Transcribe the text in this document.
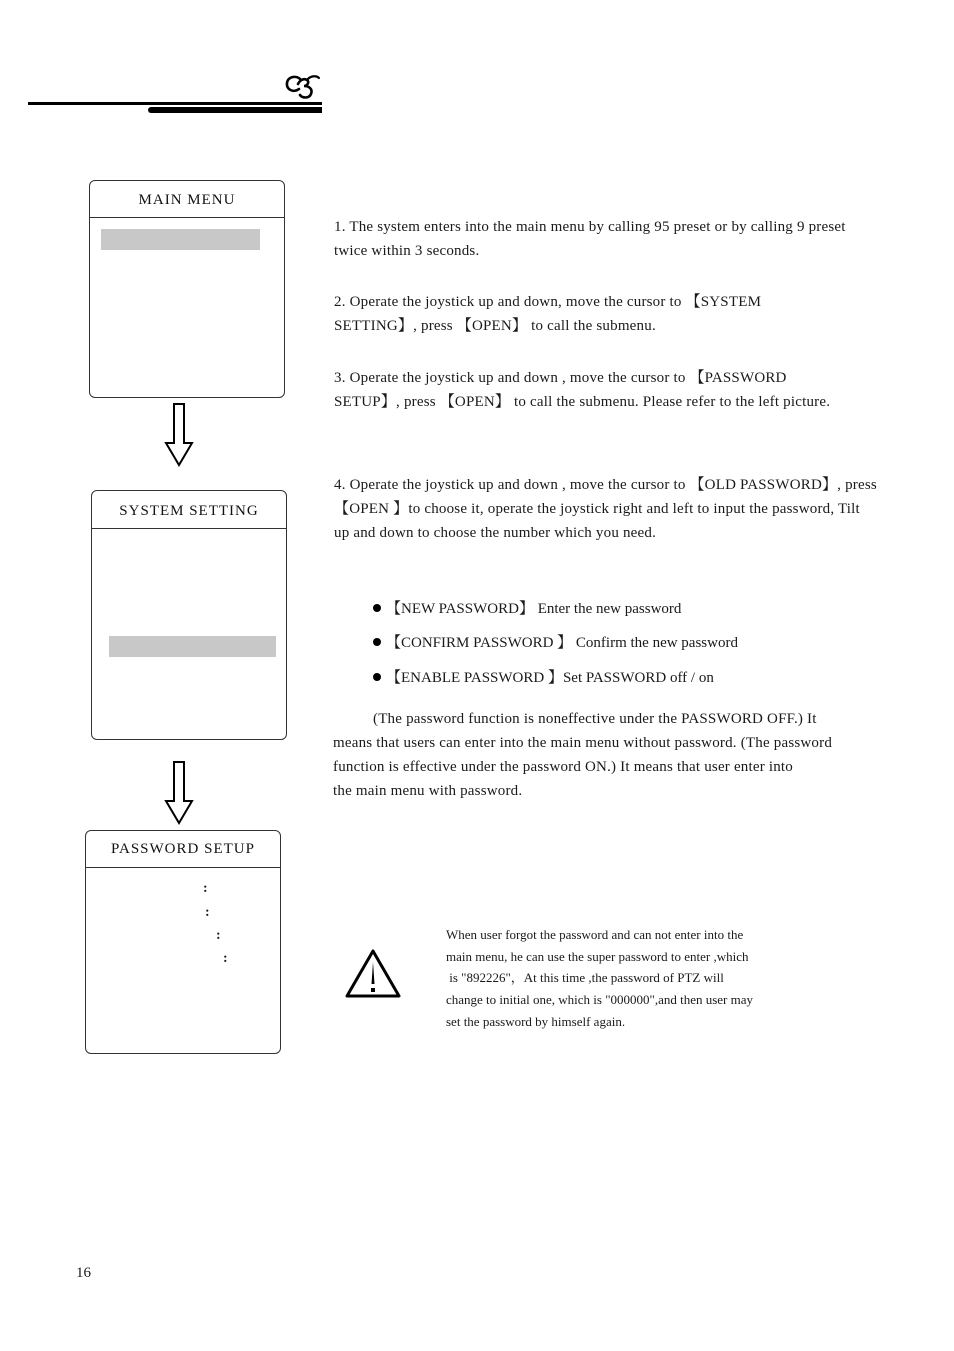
MAIN MENU
SYSTEM SETTING
PASSWORD SETUP
:
:
:
:
1. The system enters into the main menu by calling 95 preset or by calling 9 preset twice within 3 seconds.
2. Operate the joystick up and down, move the cursor to 【SYSTEM SETTING】, press 【OPEN】 to call the submenu.
3. Operate the joystick up and down , move the cursor to 【PASSWORD SETUP】, press 【OPEN】 to call the submenu. Please refer to the left picture.
4. Operate the joystick up and down , move the cursor to 【OLD PASSWORD】, press 【OPEN 】to choose it, operate the joystick right and left to input the password, Tilt up and down to choose the number which you need.
【NEW PASSWORD】 Enter the new password
【CONFIRM PASSWORD 】 Confirm the new password
【ENABLE PASSWORD 】Set PASSWORD off / on
(The password function is noneffective under the PASSWORD OFF.) It
means that users can enter into the main menu without password. (The password
function is effective under the password ON.) It means that user enter into
the main menu with password.
When user forgot the password and can not enter into the
main menu, he can use the super password to enter ,which
is "892226"，At this time ,the password of PTZ will
change to initial one, which is "000000",and then user may
set the password by himself again.
16
